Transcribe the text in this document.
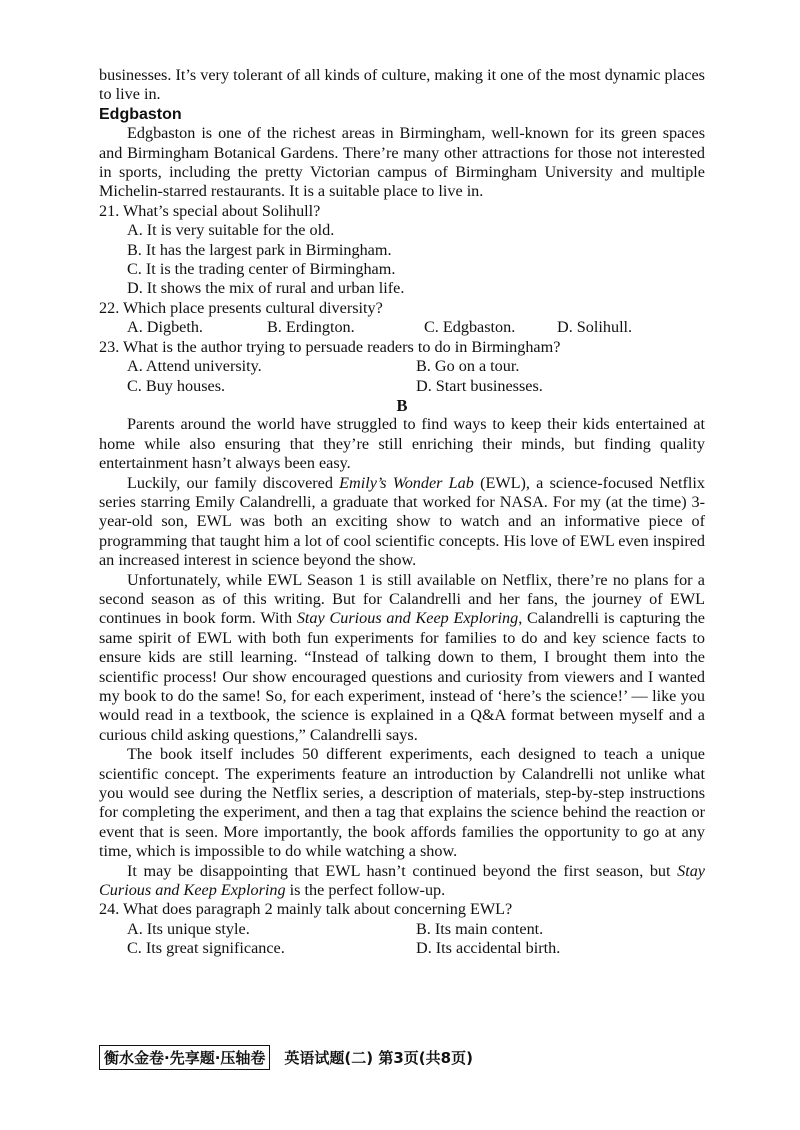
businesses. It’s very tolerant of all kinds of culture, making it one of the most dynamic places to live in.

Edgbaston

Edgbaston is one of the richest areas in Birmingham, well-known for its green spaces and Birmingham Botanical Gardens. There’re many other attractions for those not interested in sports, including the pretty Victorian campus of Birmingham University and multiple Michelin-starred restaurants. It is a suitable place to live in.

21. What’s special about Solihull?

A. It is very suitable for the old.

B. It has the largest park in Birmingham.

C. It is the trading center of Birmingham.

D. It shows the mix of rural and urban life.

22. Which place presents cultural diversity?

A. Digbeth.	B. Erdington.	C. Edgbaston.	D. Solihull.

23. What is the author trying to persuade readers to do in Birmingham?

A. Attend university.	B. Go on a tour.
C. Buy houses.	D. Start businesses.

B

Parents around the world have struggled to find ways to keep their kids entertained at home while also ensuring that they’re still enriching their minds, but finding quality entertainment hasn’t always been easy.

Luckily, our family discovered Emily’s Wonder Lab (EWL), a science-focused Netflix series starring Emily Calandrelli, a graduate that worked for NASA. For my (at the time) 3-year-old son, EWL was both an exciting show to watch and an informative piece of programming that taught him a lot of cool scientific concepts. His love of EWL even inspired an increased interest in science beyond the show.

Unfortunately, while EWL Season 1 is still available on Netflix, there’re no plans for a second season as of this writing. But for Calandrelli and her fans, the journey of EWL continues in book form. With Stay Curious and Keep Exploring, Calandrelli is capturing the same spirit of EWL with both fun experiments for families to do and key science facts to ensure kids are still learning. “Instead of talking down to them, I brought them into the scientific process! Our show encouraged questions and curiosity from viewers and I wanted my book to do the same! So, for each experiment, instead of ‘here’s the science!’ — like you would read in a textbook, the science is explained in a Q&A format between myself and a curious child asking questions,” Calandrelli says.

The book itself includes 50 different experiments, each designed to teach a unique scientific concept. The experiments feature an introduction by Calandrelli not unlike what you would see during the Netflix series, a description of materials, step-by-step instructions for completing the experiment, and then a tag that explains the science behind the reaction or event that is seen. More importantly, the book affords families the opportunity to go at any time, which is impossible to do while watching a show.

It may be disappointing that EWL hasn’t continued beyond the first season, but Stay Curious and Keep Exploring is the perfect follow-up.

24. What does paragraph 2 mainly talk about concerning EWL?

A. Its unique style.	B. Its main content.
C. Its great significance.	D. Its accidental birth.
衡水金卷·先享题·压轴卷	英语试题(二) 第3页(共8页)
